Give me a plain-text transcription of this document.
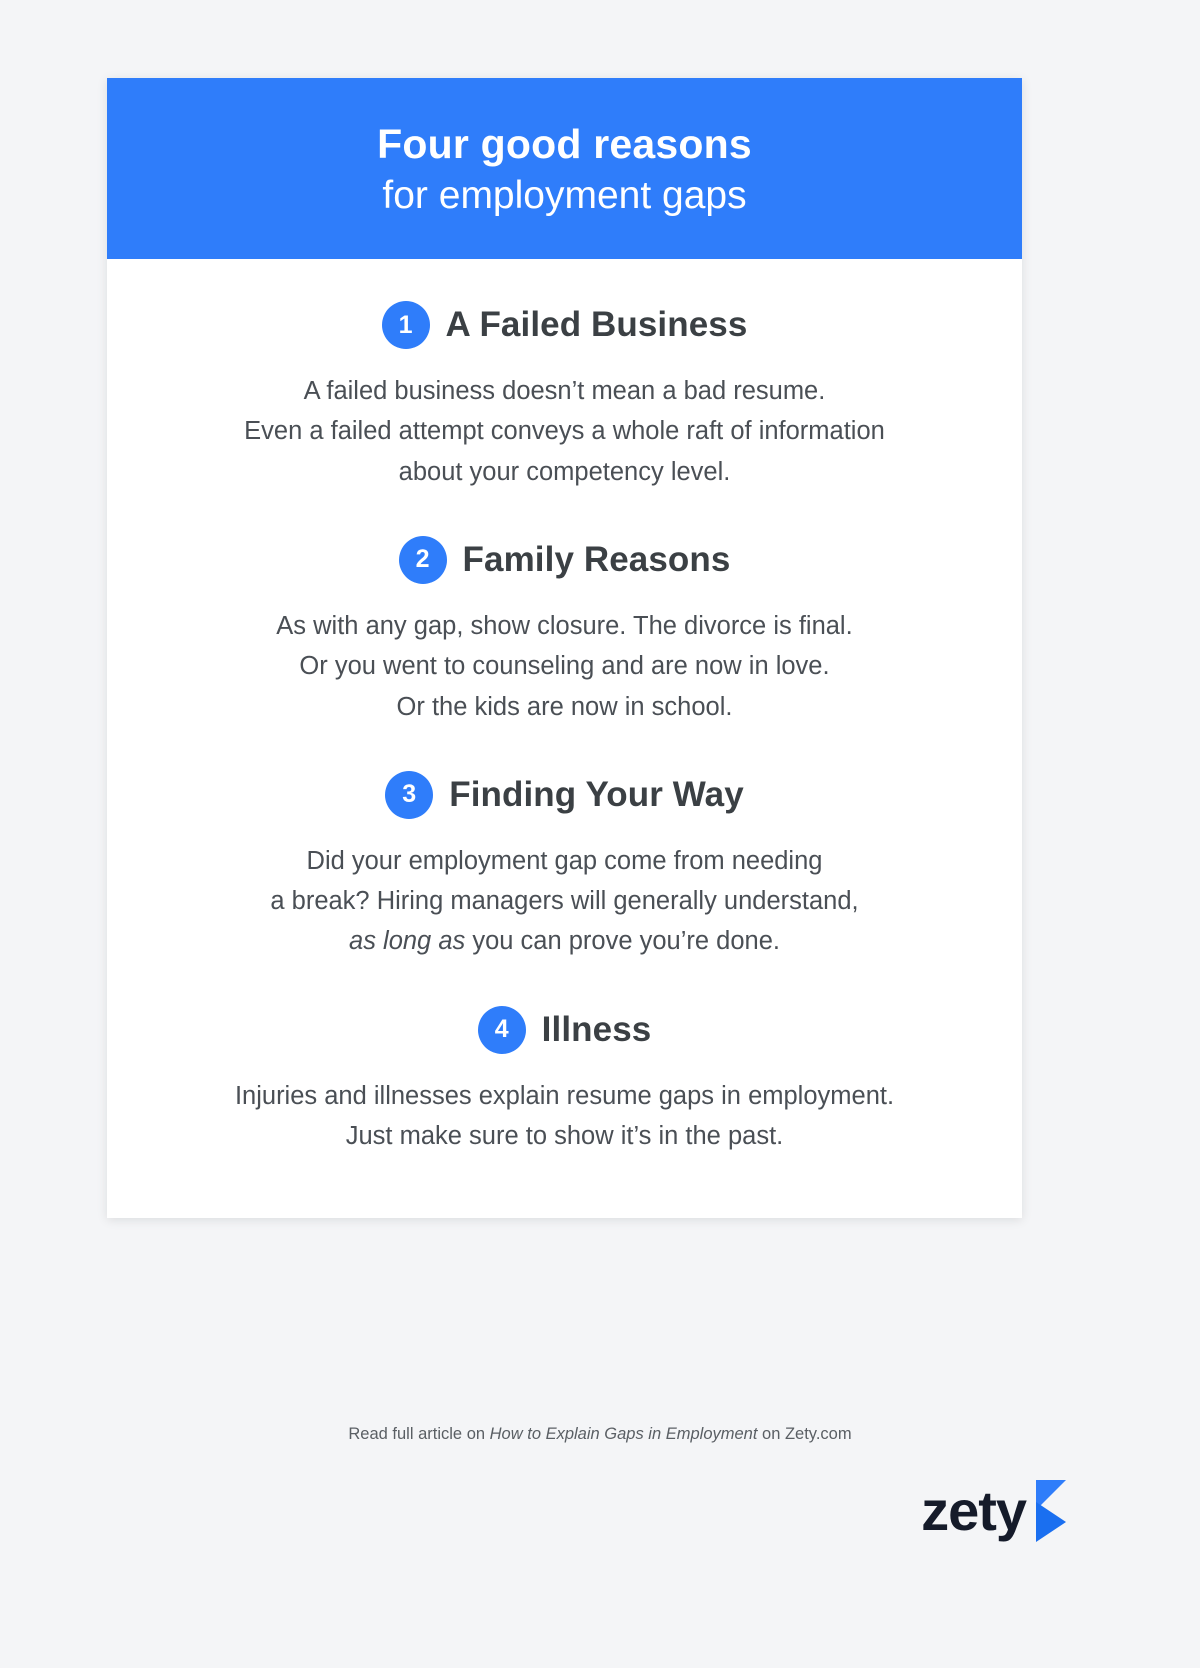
Four good reasons
for employment gaps
1 A Failed Business
A failed business doesn’t mean a bad resume.
Even a failed attempt conveys a whole raft of information
about your competency level.
2 Family Reasons
As with any gap, show closure. The divorce is final.
Or you went to counseling and are now in love.
Or the kids are now in school.
3 Finding Your Way
Did your employment gap come from needing
a break? Hiring managers will generally understand,
as long as you can prove you’re done.
4 Illness
Injuries and illnesses explain resume gaps in employment.
Just make sure to show it’s in the past.
Read full article on How to Explain Gaps in Employment on Zety.com
zety
